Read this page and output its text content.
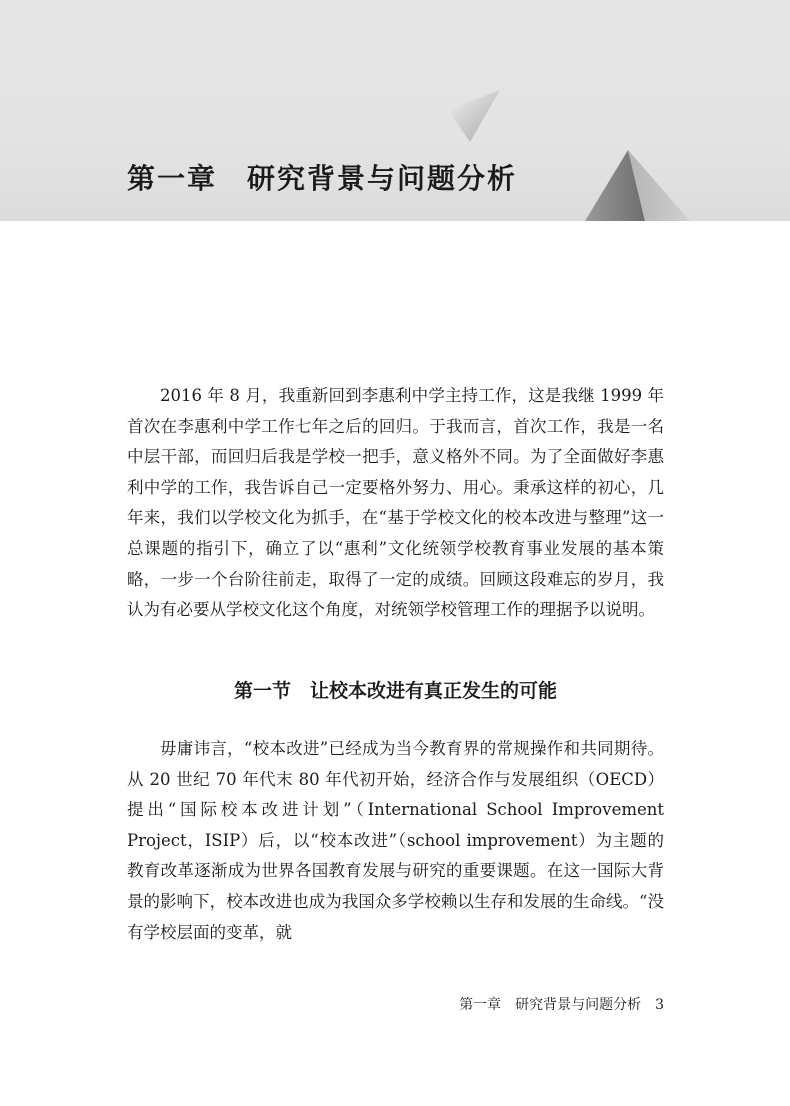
第一章　研究背景与问题分析

2016 年 8 月，我重新回到李惠利中学主持工作，这是我继 1999 年首次在李惠利中学工作七年之后的回归。于我而言，首次工作，我是一名中层干部，而回归后我是学校一把手，意义格外不同。为了全面做好李惠利中学的工作，我告诉自己一定要格外努力、用心。秉承这样的初心，几年来，我们以学校文化为抓手，在“基于学校文化的校本改进与整理”这一总课题的指引下，确立了以“惠利”文化统领学校教育事业发展的基本策略，一步一个台阶往前走，取得了一定的成绩。回顾这段难忘的岁月，我认为有必要从学校文化这个角度，对统领学校管理工作的理据予以说明。

第一节　让校本改进有真正发生的可能

毋庸讳言，“校本改进”已经成为当今教育界的常规操作和共同期待。从 20 世纪 70 年代末 80 年代初开始，经济合作与发展组织（OECD）提出“国际校本改进计划”（International School Improvement Project，ISIP）后，以“校本改进”（school improvement）为主题的教育改革逐渐成为世界各国教育发展与研究的重要课题。在这一国际大背景的影响下，校本改进也成为我国众多学校赖以生存和发展的生命线。“没有学校层面的变革，就

第一章　研究背景与问题分析　3
